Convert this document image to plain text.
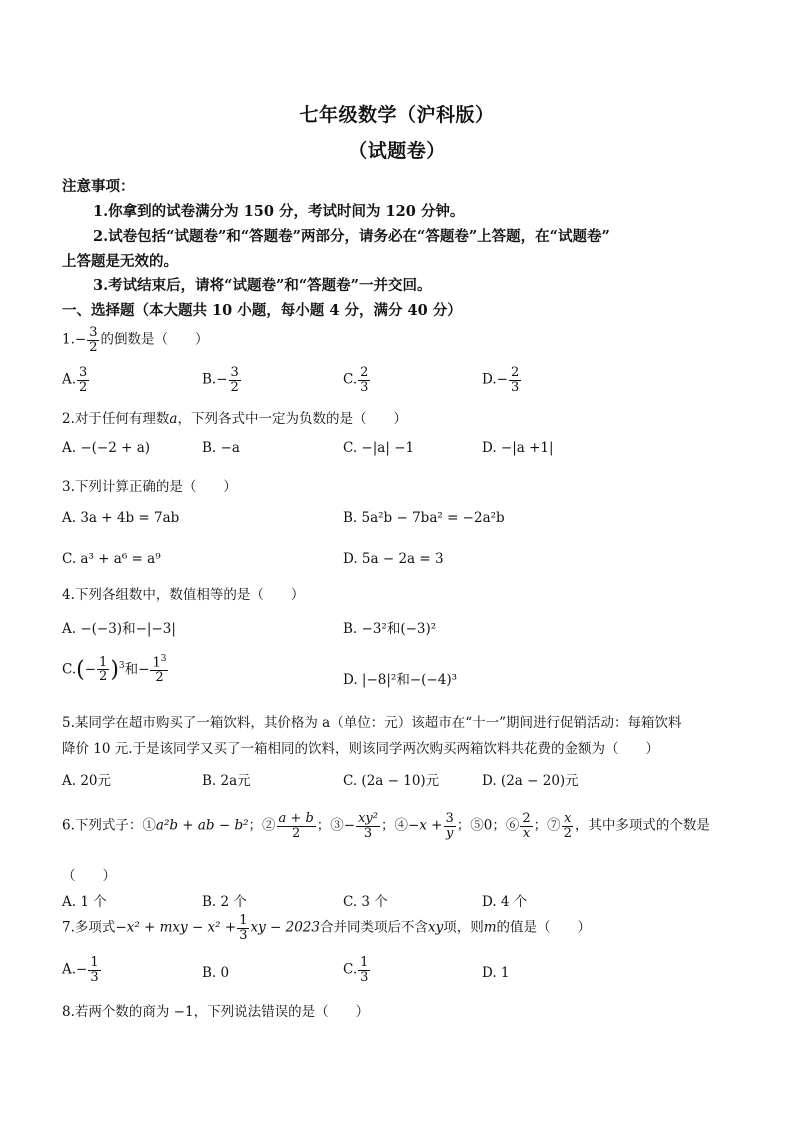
七年级数学（沪科版）
（试题卷）
注意事项：
1.你拿到的试卷满分为 150 分，考试时间为 120 分钟。
2.试卷包括“试题卷”和“答题卷”两部分，请务必在“答题卷”上答题，在“试题卷”
上答题是无效的。
3.考试结束后，请将“试题卷”和“答题卷”一并交回。
一、选择题（本大题共 10 小题，每小题 4 分，满分 40 分）
$1.- \frac{3}{2}$ 的倒数是（　　）
A. $\frac{3}{2}$	$B.- \frac{3}{2}$	C. $\frac{2}{3}$	$D.- \frac{2}{3}$
2.对于任何有理数a，下列各式中一定为负数的是（　　）
A. −(−2 + a)	B. −a	C. −|a| −1	D. −|a +1|
3.下列计算正确的是（　　）
A. 3a + 4b = 7ab	B. 5a²b − 7ba² = −2a²b
C. a³ + a⁶ = a⁹	D. 5a − 2a = 3
4.下列各组数中，数值相等的是（　　）
A. −(−3)和−|−3|	B. −3²和(−3)²
$C.(- \frac{1}{2} )^3$和− $\frac{1^3}{2}$	D. |−8|²和−(−4)³
5.某同学在超市购买了一箱饮料，其价格为 a（单位：元）该超市在“十一”期间进行促销活动：每箱饮料
降价 10 元.于是该同学又买了一箱相同的饮料，则该同学两次购买两箱饮料共花费的金额为（　　）
A. 20元	B. 2a元	C. (2a − 10)元	D. (2a − 20)元
6.下列式子：①a²b + ab − b²；② $\frac{a + b}{2}$ ；③− $\frac{\text{xy²}}{3}$ ；④−x + $\frac{3}{y}$ ；⑤0；⑥ $\frac{2}{x}$ ；⑦ $\frac{x}{2}$ ，其中多项式的个数是
（　　）
A. 1 个	B. 2 个	C. 3 个	D. 4 个
7.多项式−x² + mxy − $x^2 + \frac{1}{3}$ xy − 2023合并同类项后不含xy项，则m的值是（　　）
$A.- \frac{1}{3}$	B. 0	C. $\frac{1}{3}$	D. 1
8.若两个数的商为 −1，下列说法错误的是（　　）
